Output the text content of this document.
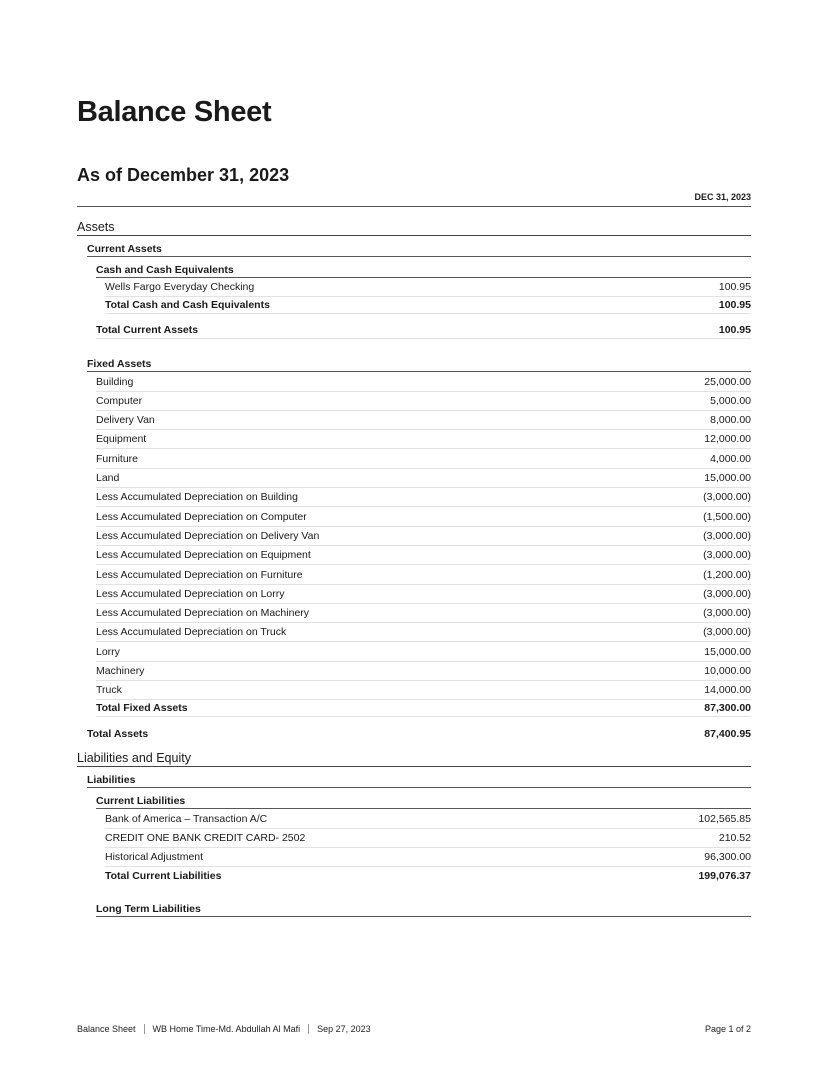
Balance Sheet
As of December 31, 2023
DEC 31, 2023
Assets
Current Assets
Cash and Cash Equivalents
Wells Fargo Everyday Checking	100.95
Total Cash and Cash Equivalents	100.95
Total Current Assets	100.95
Fixed Assets
Building	25,000.00
Computer	5,000.00
Delivery Van	8,000.00
Equipment	12,000.00
Furniture	4,000.00
Land	15,000.00
Less Accumulated Depreciation on Building	(3,000.00)
Less Accumulated Depreciation on Computer	(1,500.00)
Less Accumulated Depreciation on Delivery Van	(3,000.00)
Less Accumulated Depreciation on Equipment	(3,000.00)
Less Accumulated Depreciation on Furniture	(1,200.00)
Less Accumulated Depreciation on Lorry	(3,000.00)
Less Accumulated Depreciation on Machinery	(3,000.00)
Less Accumulated Depreciation on Truck	(3,000.00)
Lorry	15,000.00
Machinery	10,000.00
Truck	14,000.00
Total Fixed Assets	87,300.00
Total Assets	87,400.95
Liabilities and Equity
Liabilities
Current Liabilities
Bank of America – Transaction A/C	102,565.85
CREDIT ONE BANK CREDIT CARD- 2502	210.52
Historical Adjustment	96,300.00
Total Current Liabilities	199,076.37
Long Term Liabilities
Balance Sheet WB Home Time-Md. Abdullah Al Mafi Sep 27, 2023	Page 1 of 2
